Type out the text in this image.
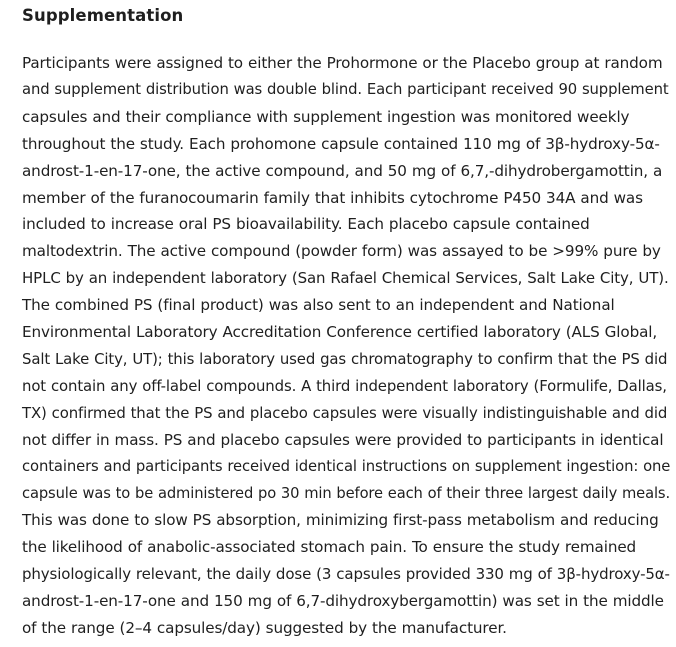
Supplementation

Participants were assigned to either the Prohormone or the Placebo group at random
and supplement distribution was double blind. Each participant received 90 supplement
capsules and their compliance with supplement ingestion was monitored weekly
throughout the study. Each prohomone capsule contained 110 mg of 3β-hydroxy-5α-
androst-1-en-17-one, the active compound, and 50 mg of 6,7,-dihydrobergamottin, a
member of the furanocoumarin family that inhibits cytochrome P450 34A and was
included to increase oral PS bioavailability. Each placebo capsule contained
maltodextrin. The active compound (powder form) was assayed to be >99% pure by
HPLC by an independent laboratory (San Rafael Chemical Services, Salt Lake City, UT).
The combined PS (final product) was also sent to an independent and National
Environmental Laboratory Accreditation Conference certified laboratory (ALS Global,
Salt Lake City, UT); this laboratory used gas chromatography to confirm that the PS did
not contain any off-label compounds. A third independent laboratory (Formulife, Dallas,
TX) confirmed that the PS and placebo capsules were visually indistinguishable and did
not differ in mass. PS and placebo capsules were provided to participants in identical
containers and participants received identical instructions on supplement ingestion: one
capsule was to be administered po 30 min before each of their three largest daily meals.
This was done to slow PS absorption, minimizing first-pass metabolism and reducing
the likelihood of anabolic-associated stomach pain. To ensure the study remained
physiologically relevant, the daily dose (3 capsules provided 330 mg of 3β-hydroxy-5α-
androst-1-en-17-one and 150 mg of 6,7-dihydroxybergamottin) was set in the middle
of the range (2–4 capsules/day) suggested by the manufacturer.
